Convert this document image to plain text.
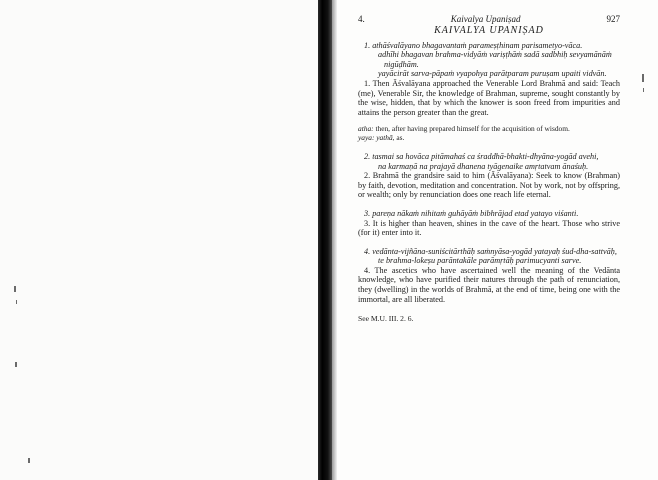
4.	Kaivalya Upaniṣad	927
KAIVALYA UPANIṢAD

1. athāśvalāyano bhagavantaṁ parameṣṭhinam parisametyo-vāca.

adhīhi bhagavan brahma-vidyāṁ variṣṭhāṁ sadā sadbhiḥ sevyamānāṁ nigūḍhām.

yayācirāt sarva-pāpaṁ vyapohya parātparam puruṣam upaiti vidvān.

1. Then Āśvalāyana approached the Venerable Lord Brahmā and said: Teach (me), Venerable Sir, the knowledge of Brahman, supreme, sought constantly by the wise, hidden, that by which the knower is soon freed from impurities and attains the person greater than the great.

atha: then, after having prepared himself for the acquisition of wisdom.

yaya: yathā, as.

2. tasmai sa hovāca pitāmahaś ca śraddhā-bhakti-dhyāna-yogād avehi,

na karmaṇā na prajayā dhanena tyāgenaike amṛtatvam ānaśuḥ.

2. Brahmā the grandsire said to him (Āśvalāyana): Seek to know (Brahman) by faith, devotion, meditation and concentration. Not by work, not by offspring, or wealth; only by renunciation does one reach life eternal.

3. pareṇa nākaṁ nihitaṁ guhāyāṁ bibhrājad etad yatayo viśanti.

3. It is higher than heaven, shines in the cave of the heart. Those who strive (for it) enter into it.

4. vedānta-vijñāna-suniścitārthāḥ saṁnyāsa-yogād yatayaḥ śud-dha-sattvāḥ,

te brahma-lokeṣu parāntakāle parāmṛtāḥ parimucyanti sarve.

4. The ascetics who have ascertained well the meaning of the Vedānta knowledge, who have purified their natures through the path of renunciation, they (dwelling) in the worlds of Brahmā, at the end of time, being one with the immortal, are all liberated.

See M.U. III. 2. 6.
